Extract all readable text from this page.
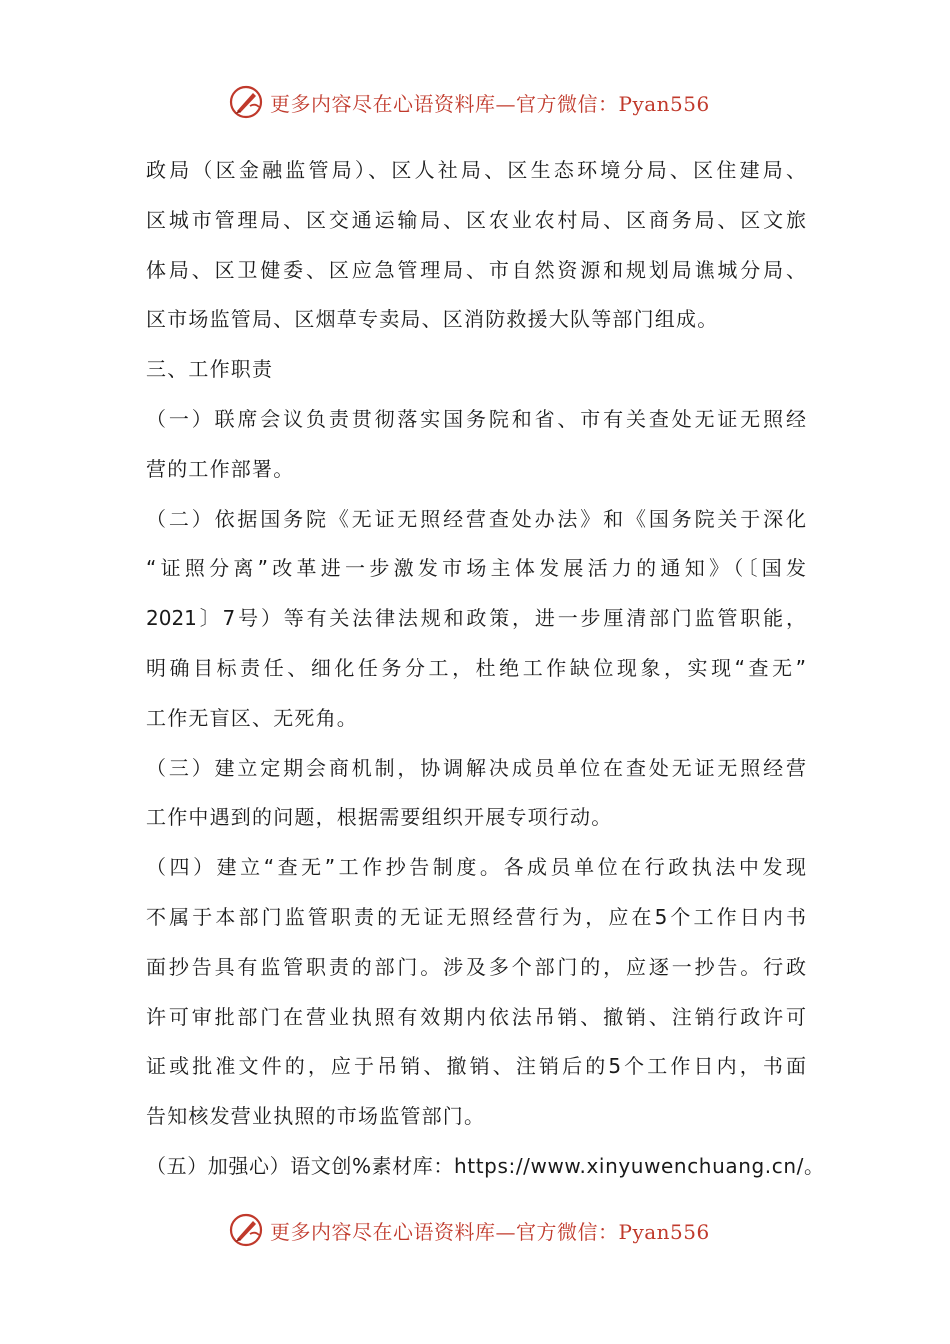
更多内容尽在心语资料库—官方微信：Pyan556
政局（区金融监管局）、区人社局、区生态环境分局、区住建局、
区城市管理局、区交通运输局、区农业农村局、区商务局、区文旅
体局、区卫健委、区应急管理局、市自然资源和规划局谯城分局、
区市场监管局、区烟草专卖局、区消防救援大队等部门组成。
三、工作职责
（一）联席会议负责贯彻落实国务院和省、市有关查处无证无照经
营的工作部署。
（二）依据国务院《无证无照经营查处办法》和《国务院关于深化
“证照分离”改革进一步激发市场主体发展活力的通知》（〔国发
2021〕7号）等有关法律法规和政策，进一步厘清部门监管职能，
明确目标责任、细化任务分工，杜绝工作缺位现象，实现“查无”
工作无盲区、无死角。
（三）建立定期会商机制，协调解决成员单位在查处无证无照经营
工作中遇到的问题，根据需要组织开展专项行动。
（四）建立“查无”工作抄告制度。各成员单位在行政执法中发现
不属于本部门监管职责的无证无照经营行为，应在5个工作日内书
面抄告具有监管职责的部门。涉及多个部门的，应逐一抄告。行政
许可审批部门在营业执照有效期内依法吊销、撤销、注销行政许可
证或批准文件的，应于吊销、撤销、注销后的5个工作日内，书面
告知核发营业执照的市场监管部门。
（五）加强心）语文创%素材库：https://www.xinyuwenchuang.cn/。
更多内容尽在心语资料库—官方微信：Pyan556
